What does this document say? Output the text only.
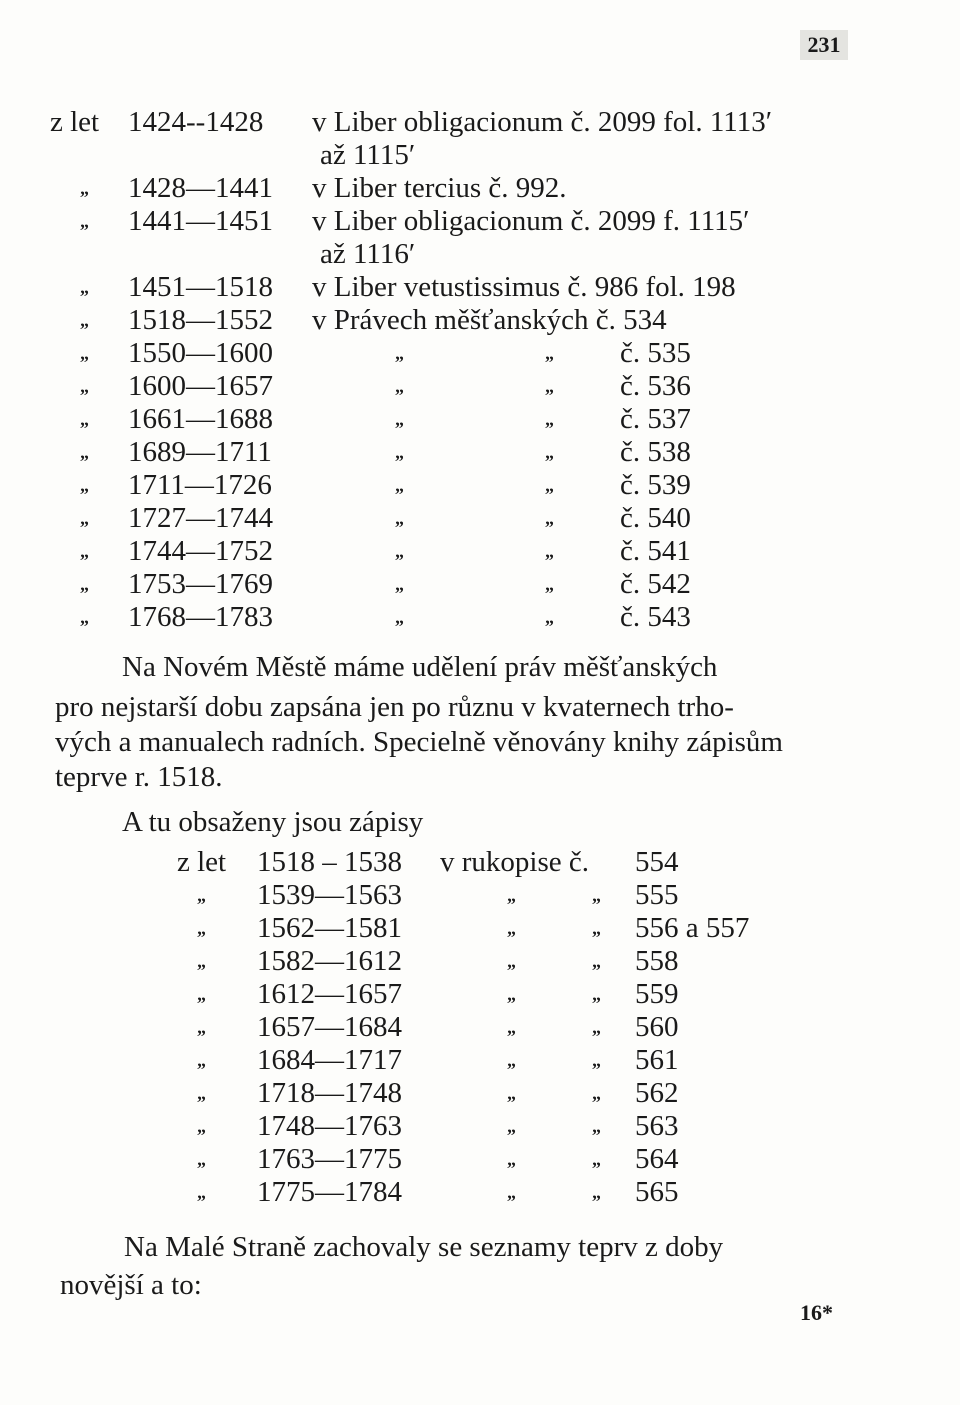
231
z let 1424--1428 v Liber obligacionum č. 2099 fol. 1113′
až 1115′
„ 1428—1441 v Liber tercius č. 992.
„ 1441—1451 v Liber obligacionum č. 2099 f. 1115′
až 1116′
„ 1451—1518 v Liber vetustissimus č. 986 fol. 198
„ 1518—1552 v Právech měšťanských č. 534
„ 1550—1600	„	„ č. 535
„ 1600—1657	„	„ č. 536
„ 1661—1688	„	„ č. 537
„ 1689—1711	„	„ č. 538
„ 1711—1726	„	„ č. 539
„ 1727—1744	„	„ č. 540
„ 1744—1752	„	„ č. 541
„ 1753—1769	„	„ č. 542
„ 1768—1783	„	„ č. 543
Na Novém Městě máme udělení práv měšťanských
pro nejstarší dobu zapsána jen po různu v kvaternech trho-
vých a manualech radních. Specielně věnovány knihy zápisům
teprve r. 1518.
A tu obsaženy jsou zápisy
z let 1518 – 1538 v rukopise č. 554
„ 1539—1563	„	„ 555
„ 1562—1581	„	„ 556 a 557
„ 1582—1612	„	„ 558
„ 1612—1657	„	„ 559
„ 1657—1684	„	„ 560
„ 1684—1717	„	„ 561
„ 1718—1748	„	„ 562
„ 1748—1763	„	„ 563
„ 1763—1775	„	„ 564
„ 1775—1784	„	„ 565
Na Malé Straně zachovaly se seznamy teprv z doby
novější a to:
16*
